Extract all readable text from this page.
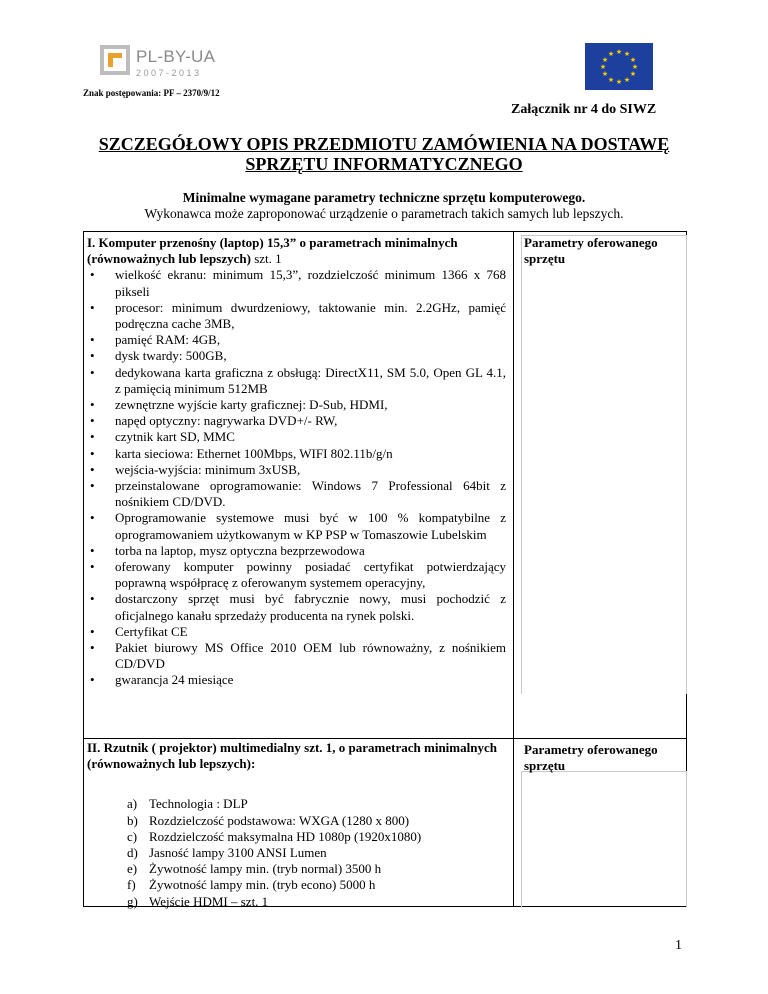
PL-BY-UA
2007-2013
★ ★
★
★
★
★
★
★
★
★
★
★
Znak postępowania: PF – 2370/9/12
Załącznik nr 4 do SIWZ
SZCZEGÓŁOWY OPIS PRZEDMIOTU ZAMÓWIENIA NA DOSTAWĘ
SPRZĘTU INFORMATYCZNEGO
Minimalne wymagane parametry techniczne sprzętu komputerowego.
Wykonawca może zaproponować urządzenie o parametrach takich samych lub lepszych.
I. Komputer przenośny (laptop) 15,3” o parametrach minimalnych (równoważnych lub lepszych) szt. 1
• wielkość ekranu: minimum 15,3”, rozdzielczość minimum 1366 x 768 pikseli
• procesor: minimum dwurdzeniowy, taktowanie min. 2.2GHz, pamięć podręczna cache 3MB,
• pamięć RAM: 4GB,
• dysk twardy: 500GB,
• dedykowana karta graficzna z obsługą: DirectX11, SM 5.0, Open GL 4.1, z pamięcią minimum 512MB
• zewnętrzne wyjście karty graficznej: D-Sub, HDMI,
• napęd optyczny: nagrywarka DVD+/- RW,
• czytnik kart SD, MMC
• karta sieciowa: Ethernet 100Mbps, WIFI 802.11b/g/n
• wejścia-wyjścia: minimum 3xUSB,
• przeinstalowane oprogramowanie: Windows 7 Professional 64bit z nośnikiem CD/DVD.
• Oprogramowanie systemowe musi być w 100 % kompatybilne z oprogramowaniem użytkowanym w KP PSP w Tomaszowie Lubelskim
• torba na laptop, mysz optyczna bezprzewodowa
• oferowany komputer powinny posiadać certyfikat potwierdzający poprawną współpracę z oferowanym systemem operacyjny,
• dostarczony sprzęt musi być fabrycznie nowy, musi pochodzić z oficjalnego kanału sprzedaży producenta na rynek polski.
• Certyfikat CE
• Pakiet biurowy MS Office 2010 OEM lub równoważny, z nośnikiem CD/DVD
• gwarancja 24 miesiące
Parametry oferowanego sprzętu
II. Rzutnik ( projektor) multimedialny szt. 1, o parametrach minimalnych (równoważnych lub lepszych):
a) Technologia : DLP
b) Rozdzielczość podstawowa: WXGA (1280 x 800)
c) Rozdzielczość maksymalna HD 1080p (1920x1080)
d) Jasność lampy 3100 ANSI Lumen
e) Żywotność lampy min. (tryb normal) 3500 h
f) Żywotność lampy min. (tryb econo) 5000 h
g) Wejście HDMI – szt. 1
Parametry oferowanego sprzętu
1
